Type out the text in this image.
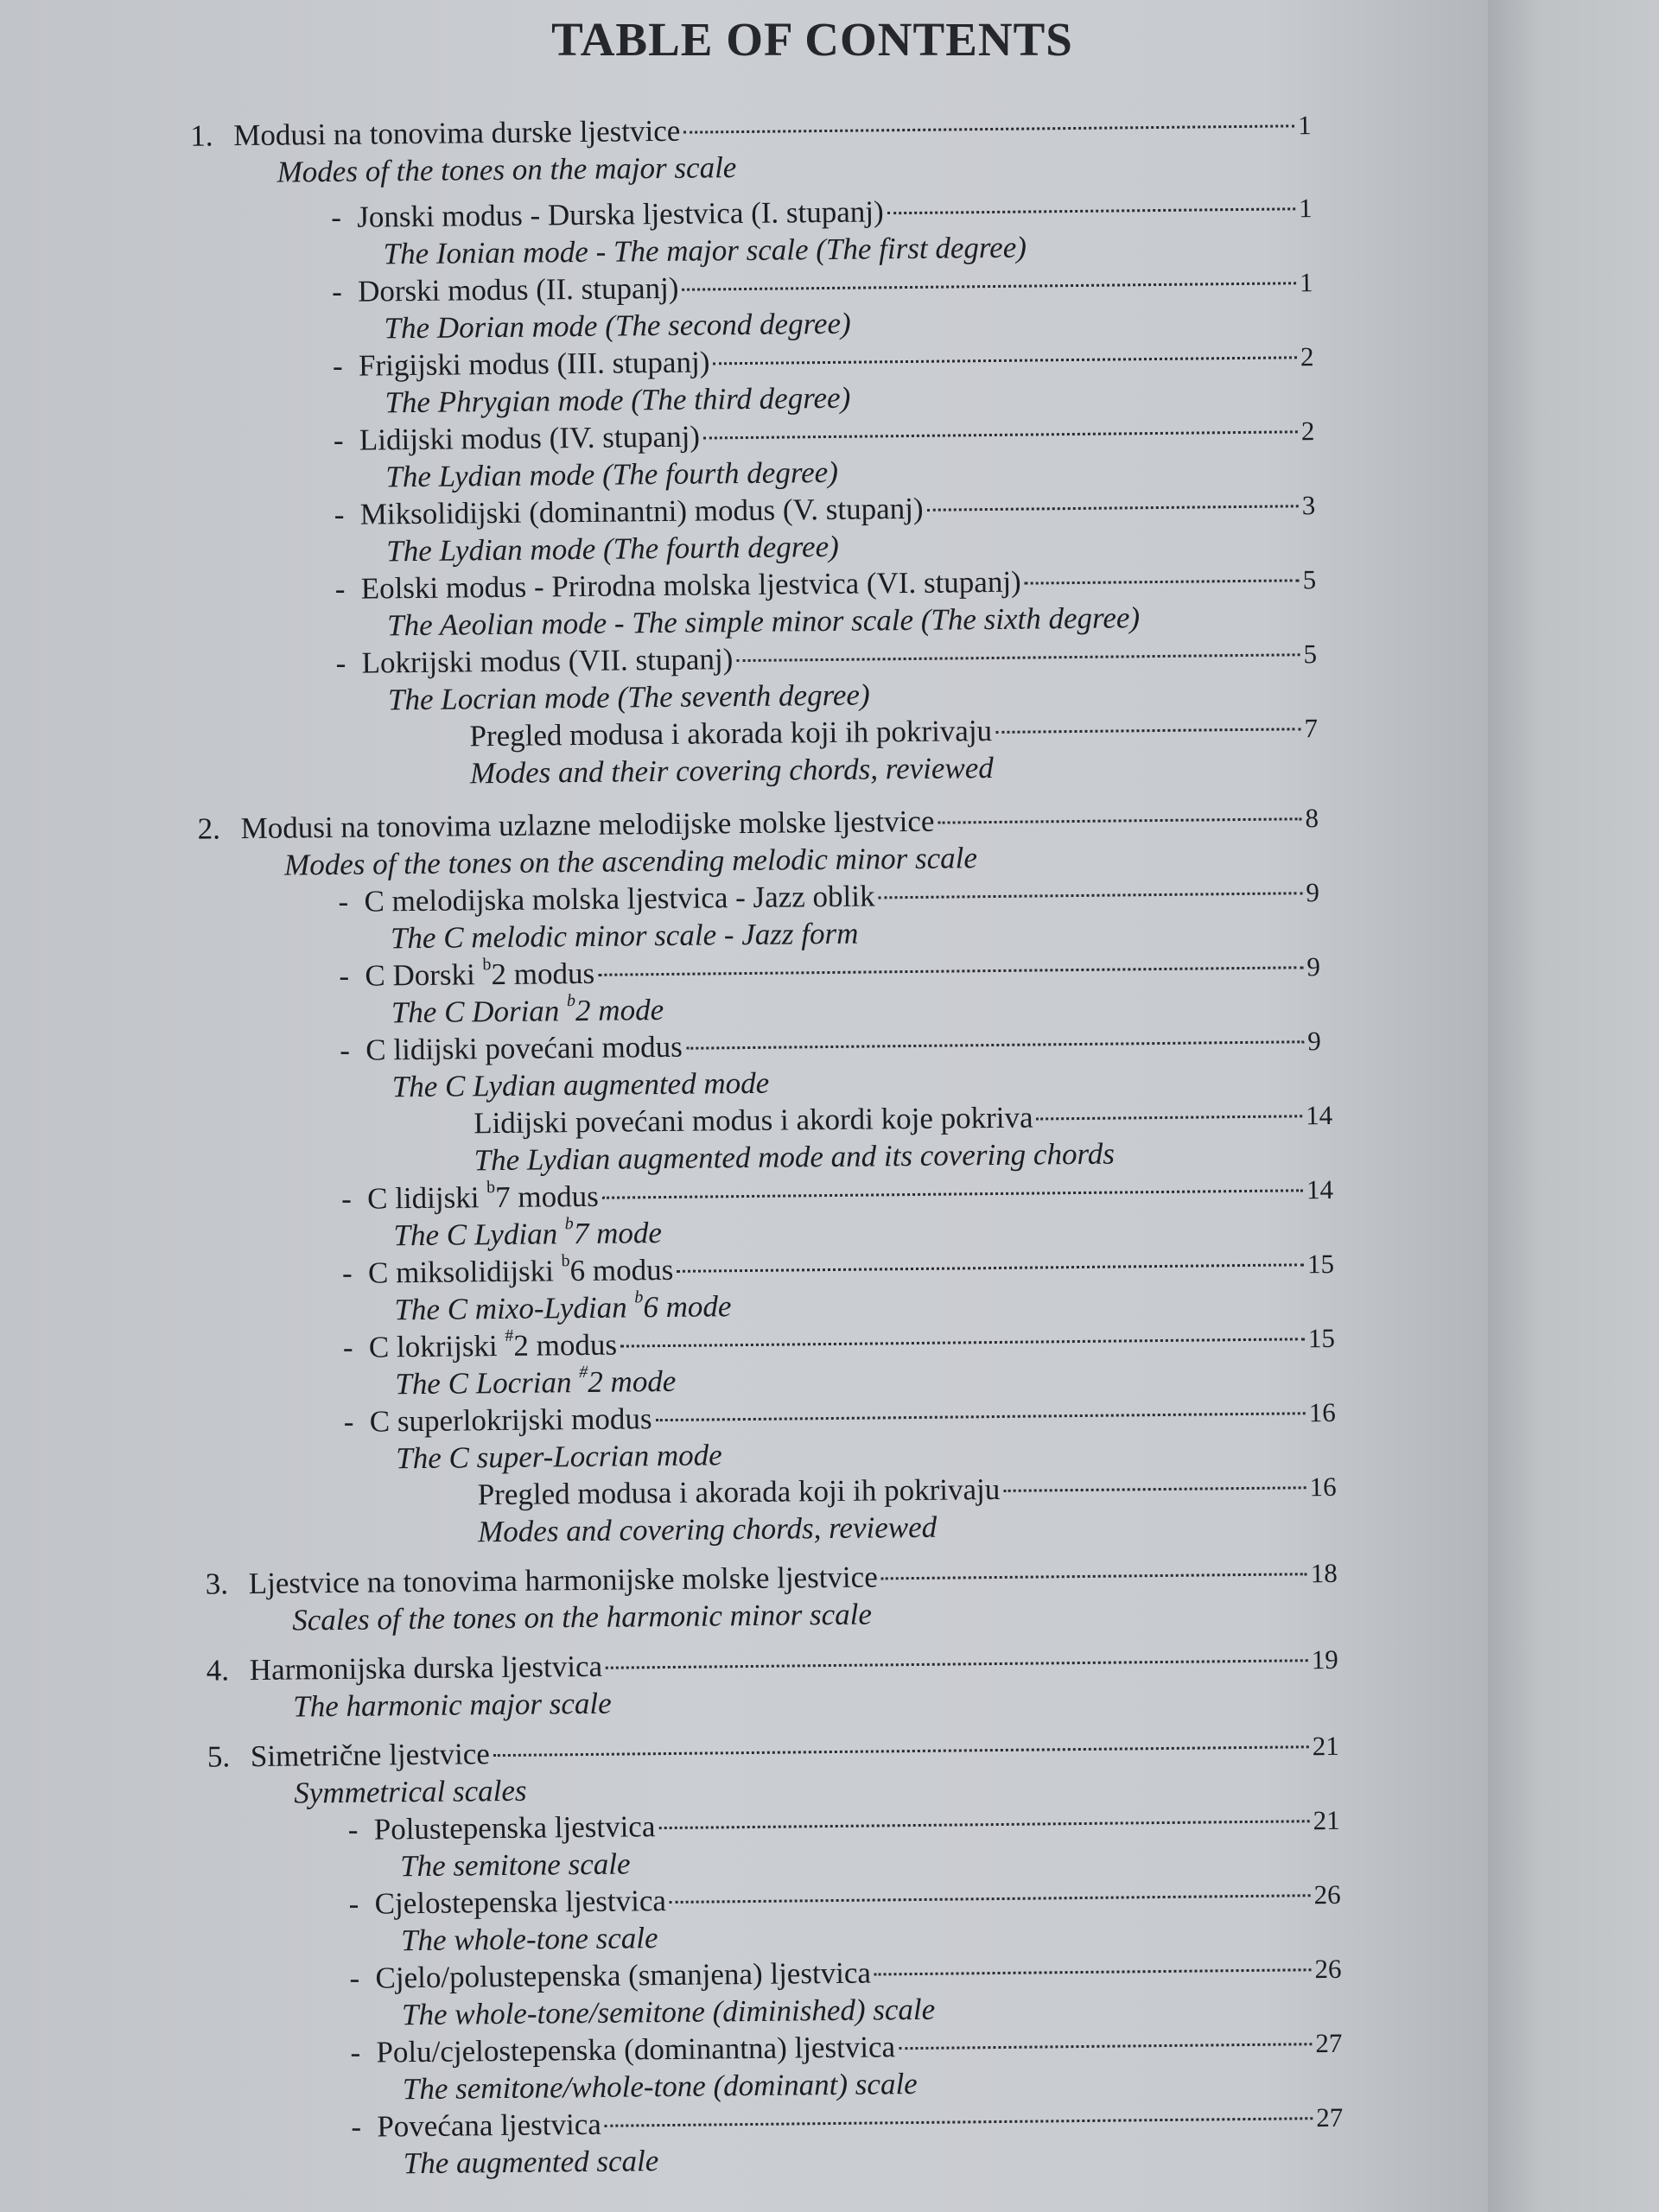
TABLE OF CONTENTS
1. Modusi na tonovima durske ljestvice	1
Modes of the tones on the major scale
- Jonski modus - Durska ljestvica (I. stupanj)	1
The Ionian mode - The major scale (The first degree)
- Dorski modus (II. stupanj)	1
The Dorian mode (The second degree)
- Frigijski modus (III. stupanj)	2
The Phrygian mode (The third degree)
- Lidijski modus (IV. stupanj)	2
The Lydian mode (The fourth degree)
- Miksolidijski (dominantni) modus (V. stupanj)	3
The Lydian mode (The fourth degree)
- Eolski modus - Prirodna molska ljestvica (VI. stupanj)	5
The Aeolian mode - The simple minor scale (The sixth degree)
- Lokrijski modus (VII. stupanj)	5
The Locrian mode (The seventh degree)
Pregled modusa i akorada koji ih pokrivaju	7
Modes and their covering chords, reviewed
2. Modusi na tonovima uzlazne melodijske molske ljestvice	8
Modes of the tones on the ascending melodic minor scale
- C melodijska molska ljestvica - Jazz oblik	9
The C melodic minor scale - Jazz form
- C Dorski $^b$2 modus	9
The C Dorian $^b$2 mode
- C lidijski povećani modus	9
The C Lydian augmented mode
Lidijski povećani modus i akordi koje pokriva	14
The Lydian augmented mode and its covering chords
- C lidijski $^b$7 modus	14
The C Lydian $^b$7 mode
- C miksolidijski $^b$6 modus	15
The C mixo-Lydian $^b$6 mode
- C lokrijski #2 modus	15
The C Locrian #2 mode
- C superlokrijski modus	16
The C super-Locrian mode
Pregled modusa i akorada koji ih pokrivaju	16
Modes and covering chords, reviewed
3. Ljestvice na tonovima harmonijske molske ljestvice	18
Scales of the tones on the harmonic minor scale
4. Harmonijska durska ljestvica	19
The harmonic major scale
5. Simetrične ljestvice	21
Symmetrical scales
- Polustepenska ljestvica	21
The semitone scale
- Cjelostepenska ljestvica	26
The whole-tone scale
- Cjelo/polustepenska (smanjena) ljestvica	26
The whole-tone/semitone (diminished) scale
- Polu/cjelostepenska (dominantna) ljestvica	27
The semitone/whole-tone (dominant) scale
- Povećana ljestvica	27
The augmented scale
